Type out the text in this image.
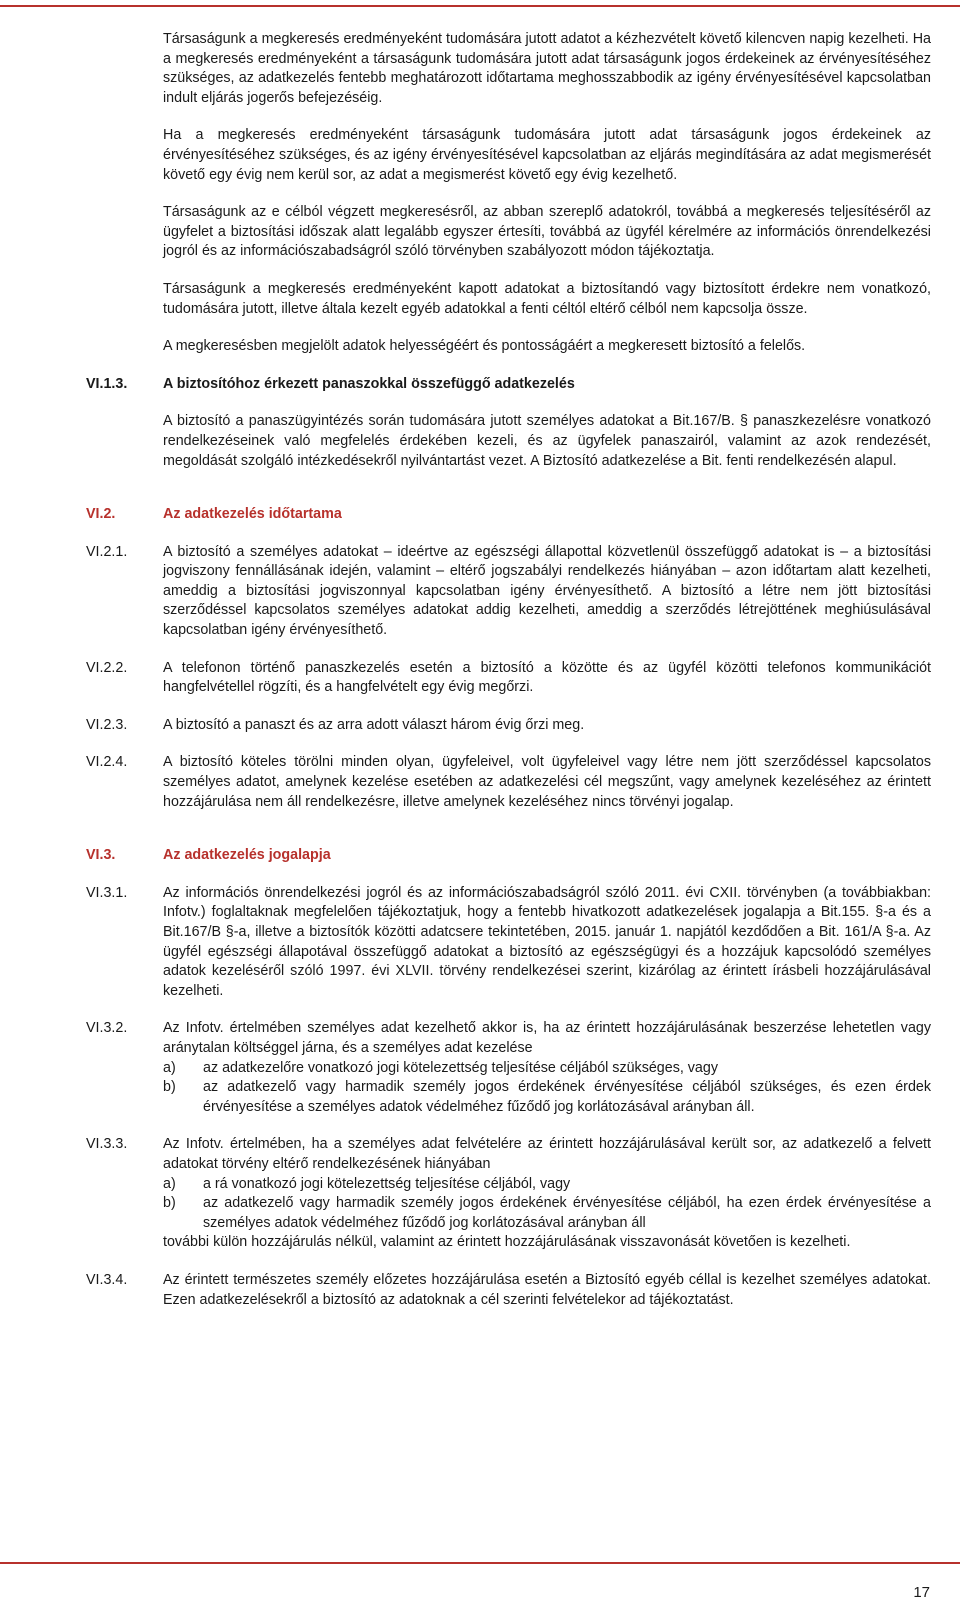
Társaságunk a megkeresés eredményeként tudomására jutott adatot a kézhezvételt követő kilencven napig kezelheti. Ha a megkeresés eredményeként a társaságunk tudomására jutott adat társaságunk jogos érdekeinek az érvényesítéséhez szükséges, az adatkezelés fentebb meghatározott időtartama meghosszabbodik az igény érvényesítésével kapcsolatban indult eljárás jogerős befejezéséig.

Ha a megkeresés eredményeként társaságunk tudomására jutott adat társaságunk jogos érdekeinek az érvényesítéséhez szükséges, és az igény érvényesítésével kapcsolatban az eljárás megindítására az adat megismerését követő egy évig nem kerül sor, az adat a megismerést követő egy évig kezelhető.

Társaságunk az e célból végzett megkeresésről, az abban szereplő adatokról, továbbá a megkeresés teljesítéséről az ügyfelet a biztosítási időszak alatt legalább egyszer értesíti, továbbá az ügyfél kérelmére az információs önrendelkezési jogról és az információszabadságról szóló törvényben szabályozott módon tájékoztatja.

Társaságunk a megkeresés eredményeként kapott adatokat a biztosítandó vagy biztosított érdekre nem vonatkozó, tudomására jutott, illetve általa kezelt egyéb adatokkal a fenti céltól eltérő célból nem kapcsolja össze.

A megkeresésben megjelölt adatok helyességéért és pontosságáért a megkeresett biztosító a felelős.

VI.1.3.	A biztosítóhoz érkezett panaszokkal összefüggő adatkezelés

A biztosító a panaszügyintézés során tudomására jutott személyes adatokat a Bit.167/B. § panaszkezelésre vonatkozó rendelkezéseinek való megfelelés érdekében kezeli, és az ügyfelek panaszairól, valamint az azok rendezését, megoldását szolgáló intézkedésekről nyilvántartást vezet. A Biztosító adatkezelése a Bit. fenti rendelkezésén alapul.

VI.2.	Az adatkezelés időtartama
VI.2.1.	A biztosító a személyes adatokat – ideértve az egészségi állapottal közvetlenül összefüggő adatokat is – a biztosítási jogviszony fennállásának idején, valamint – eltérő jogszabályi rendelkezés hiányában – azon időtartam alatt kezelheti, ameddig a biztosítási jogviszonnyal kapcsolatban igény érvényesíthető. A biztosító a létre nem jött biztosítási szerződéssel kapcsolatos személyes adatokat addig kezelheti, ameddig a szerződés létrejöttének meghiúsulásával kapcsolatban igény érvényesíthető.

VI.2.2.	A telefonon történő panaszkezelés esetén a biztosító a közötte és az ügyfél közötti telefonos kommunikációt hangfelvétellel rögzíti, és a hangfelvételt egy évig megőrzi.

VI.2.3.	A biztosító a panaszt és az arra adott választ három évig őrzi meg.

VI.2.4.	A biztosító köteles törölni minden olyan, ügyfeleivel, volt ügyfeleivel vagy létre nem jött szerződéssel kapcsolatos személyes adatot, amelynek kezelése esetében az adatkezelési cél megszűnt, vagy amelynek kezeléséhez az érintett hozzájárulása nem áll rendelkezésre, illetve amelynek kezeléséhez nincs törvényi jogalap.

VI.3.	Az adatkezelés jogalapja
VI.3.1.	Az információs önrendelkezési jogról és az információszabadságról szóló 2011. évi CXII. törvényben (a továbbiakban: Infotv.) foglaltaknak megfelelően tájékoztatjuk, hogy a fentebb hivatkozott adatkezelések jogalapja a Bit.155. §-a és a Bit.167/B §-a, illetve a biztosítók közötti adatcsere tekintetében, 2015. január 1. napjától kezdődően a Bit. 161/A §-a. Az ügyfél egészségi állapotával összefüggő adatokat a biztosító az egészségügyi és a hozzájuk kapcsolódó személyes adatok kezeléséről szóló 1997. évi XLVII. törvény rendelkezései szerint, kizárólag az érintett írásbeli hozzájárulásával kezelheti.

VI.3.2.	Az Infotv. értelmében személyes adat kezelhető akkor is, ha az érintett hozzájárulásának beszerzése lehetetlen vagy aránytalan költséggel járna, és a személyes adat kezelése

a)	az adatkezelőre vonatkozó jogi kötelezettség teljesítése céljából szükséges, vagy
b)	az adatkezelő vagy harmadik személy jogos érdekének érvényesítése céljából szükséges, és ezen érdek érvényesítése a személyes adatok védelméhez fűződő jog korlátozásával arányban áll.
VI.3.3.	Az Infotv. értelmében, ha a személyes adat felvételére az érintett hozzájárulásával került sor, az adatkezelő a felvett adatokat törvény eltérő rendelkezésének hiányában

a)	a rá vonatkozó jogi kötelezettség teljesítése céljából, vagy
b)	az adatkezelő vagy harmadik személy jogos érdekének érvényesítése céljából, ha ezen érdek érvényesítése a személyes adatok védelméhez fűződő jog korlátozásával arányban áll

további külön hozzájárulás nélkül, valamint az érintett hozzájárulásának visszavonását követően is kezelheti.

VI.3.4.	Az érintett természetes személy előzetes hozzájárulása esetén a Biztosító egyéb céllal is kezelhet személyes adatokat. Ezen adatkezelésekről a biztosító az adatoknak a cél szerinti felvételekor ad tájékoztatást.

17
